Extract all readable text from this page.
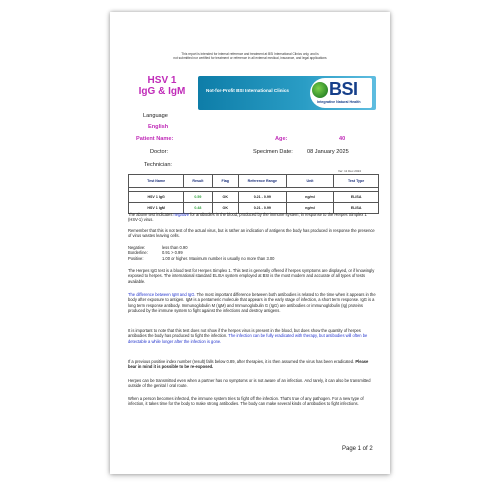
This report is intended for internal reference and treatment at BSI International Clinics only, and is
not submitted nor certified for treatment or reference in all external medical, insurance, and legal applications
HSV 1
IgG & IgM	Not-for-Profit BSI International Clinics BSI
Integrative Natural Health
Language
English
Patient Name:	Age:	40
Doctor:	Specimen Date:	08 January 2025
Technician:
Ver: 11 Dec 2024
Test Name	Result	Flag	Reference Range	Unit	Test Type

HSV 1 IgG	0.59	OK	0.21 - 0.99	ng/ml	ELISA
HSV 1 IgM	0.48	OK	0.21 - 0.99	ng/ml	ELISA

The above test indicates negative for antibodies in the blood, produced by the immune system, in response to the Herpes Simplex 1 (HSV-1) virus.

Remember that this is not test of the actual virus, but is rather an indication of antigens the body has produced in response the presence of virus wastes leaving cells.

Negative:	less than 0.90
Borderline:	0.91 > 0.99
Positive:	1.00 or higher. Maximum number is usually no more than 3.00

The Herpes IgG test is a blood test for Herpes Simplex 1. This test is generally offered if herpes symptoms are displayed, or if knowingly exposed to herpes. The international standard ELISA system employed at BSI is the most modern and accurate of all types of tests available.

The difference between IgM and IgG. The most important difference between both antibodies is related to the time when it appears in the body after exposure to antigen. IgM is a pentameric molecule that appears in the early stage of infection, a short term response. IgG is a long term response antibody. Immunoglobulin M (IgM) and Immunoglobulin G (IgG) are antibodies or immunoglobulin (Ig) proteins produced by the immune system to fight against the infections and destroy antigens.

It is important to note that this test does not show if the herpes virus is present in the blood, but does show the quantity of herpes antibodies the body has produced to fight the infection. The infection can be fully eradicated with therapy, but antibodies will often be detectable a while longer after the infection is gone.

If a previous positive index number (result) falls below 0.89, after therapies, it is then assumed the virus has been eradicated. Please bear in mind it is possible to be re-exposed.

Herpes can be transmitted even when a partner has no symptoms or is not aware of an infection. And rarely, it can also be transmitted outside of the genital / oral route.

When a person becomes infected, the immune system tries to fight off the infection. That's true of any pathogen. For a new type of infection, it takes time for the body to make strong antibodies. The body can make several kinds of antibodies to fight infections.

Page 1 of 2
